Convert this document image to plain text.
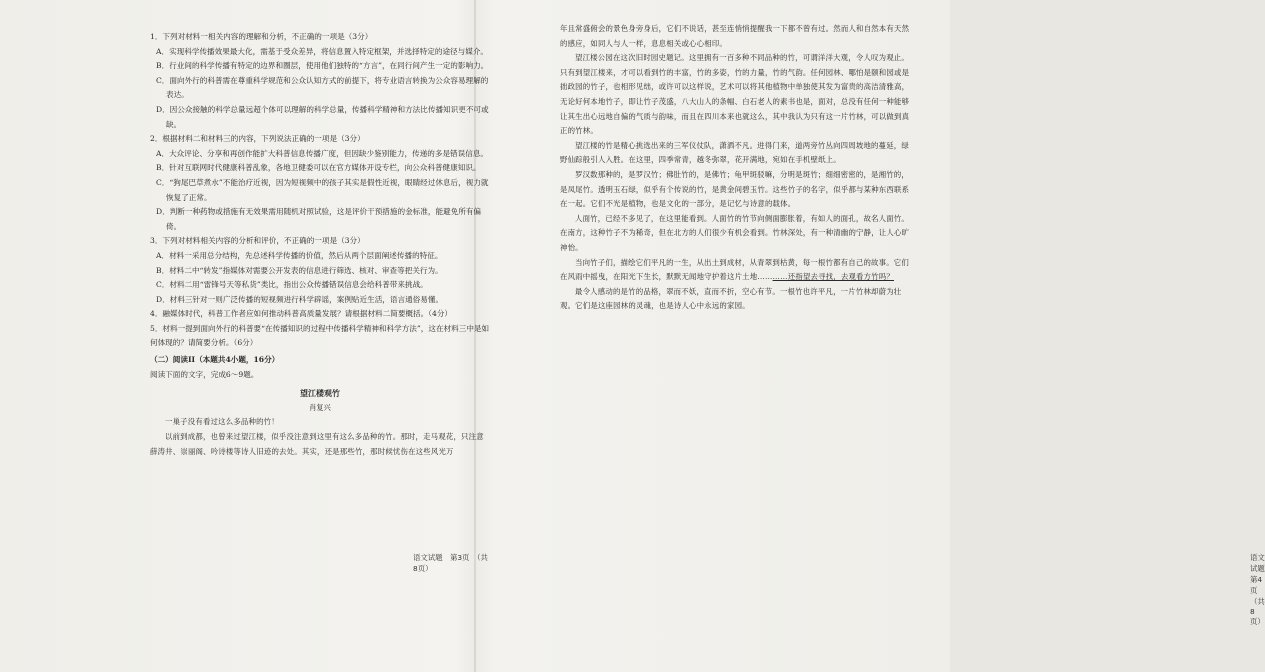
1．下列对材料一相关内容的理解和分析，不正确的一项是（3分）

A．实现科学传播效果最大化，需基于受众差异，将信息置入特定框架，并选择特定的途径与媒介。

B．行业间的科学传播有特定的边界和圈层，使用他们独特的“方言”，在同行间产生一定的影响力。

C．面向外行的科普需在尊重科学规范和公众认知方式的前提下，将专业语言转换为公众容易理解的表达。

D．因公众接触的科学总量远超个体可以理解的科学总量，传播科学精神和方法比传播知识更不可或缺。

2．根据材料二和材料三的内容，下列说法正确的一项是（3分）

A．大众评论、分享和再创作能扩大科普信息传播广度，但因缺少鉴别能力，传递的多是错误信息。

B．针对互联网时代健康科普乱象，各地卫健委可以在官方媒体开设专栏，向公众科普健康知识。

C．“狗尾巴草煮水”不能治疗近视，因为短视频中的孩子其实是假性近视，眼睛经过休息后，视力就恢复了正常。

D．判断一种药物或措施有无效果需用随机对照试验，这是评价干预措施的金标准，能避免所有偏倚。

3．下列对材料相关内容的分析和评价，不正确的一项是（3分）

A．材料一采用总分结构，先总述科学传播的价值，然后从两个层面阐述传播的特征。

B．材料二中“转发”指媒体对需要公开发表的信息进行筛选、核对、审查等把关行为。

C．材料二用“雷锋号天等私货”类比，指出公众传播错误信息会给科普带来挑战。

D．材料三针对一则广泛传播的短视频进行科学辟谣，案例贴近生活，语言通俗易懂。

4．融媒体时代，科普工作者应如何推动科普高质量发展？请根据材料二简要概括。（4分）

5．材料一提到面向外行的科普要“在传播知识的过程中传播科学精神和科学方法”，这在材料三中是如何体现的？请简要分析。（6分）

（二）阅读II（本题共4小题，16分）

阅读下面的文字，完成6～9题。

望江楼观竹

肖复兴

一巢子没有看过这么多品种的竹！

以前到成都，也曾来过望江楼，似乎没注意到这里有这么多品种的竹。那时，走马观花，只注意薛涛井、崇丽阁、吟诗楼等诗人旧迹的去处。其实，还是那些竹，那时候忧伤在这些风光万

语文试题　第3页　（共8页）

年且常盛俯会的景色身旁身后，它们不说话，甚至连悄悄提醒我一下都不曾有过。然而人和自然本有天然的感应，如同人与人一样，息息相关或心心相印。

望江楼公园在这次旧时园史题记。这里拥有一百多种不同品种的竹，可谓洋洋大观，令人叹为观止。只有到望江楼来，才可以看到竹的丰富，竹的多姿，竹的力量，竹的气韵。任何园林、哪怕是颐和园或是拙政园的竹子，也相形见绌，或许可以这样说，艺术可以将其他植物中单独使其发为富贵的高洁清雅高，无论好何本地竹子，即让竹子茂盛，八大山人的条幅、白石老人的素书也是，面对，总没有任何一种能够让其生出心远地自偏的气质与韵味，而且在四川本来也就这么，其中我认为只有这一片竹林，可以做到真正的竹林。

望江楼的竹是精心挑选出来的三军仪仗队，潇洒不凡。进得门来，道两旁竹丛向四周坡地的蔓延，绿野仙踪般引人入胜。在这里，四季常青，越冬弥翠，花开满地，宛如在手机壁纸上。

罗汉数那种的，是罗汉竹；佛肚竹的，是佛竹；龟甲斑驳嘛，分明是斑竹；细细密密的，是湘竹的，是凤尾竹。透明玉石绿，似乎有个传说的竹，是黄金间碧玉竹。这些竹子的名字，似乎都与某种东西联系在一起。它们不光是植物，也是文化的一部分，是记忆与诗意的载体。

人面竹，已经不多见了，在这里能看到。人面竹的竹节向侧面膨胀着，有如人的面孔，故名人面竹。在南方，这种竹子不为稀奇，但在北方的人们很少有机会看到。竹林深处，有一种清幽的宁静，让人心旷神怡。

当向竹子们，描绘它们平凡的一生，从出土到成材，从青翠到枯黄，每一根竹都有自己的故事。它们在风雨中摇曳，在阳光下生长，默默无闻地守护着这片土地…………还指望去寻找，去观看方竹吗？

最令人感动的是竹的品格，翠而不妖，直而不折，空心有节。一根竹也许平凡，一片竹林却蔚为壮观。它们是这座园林的灵魂，也是诗人心中永远的家园。

语文试题　第4页　（共8页）
